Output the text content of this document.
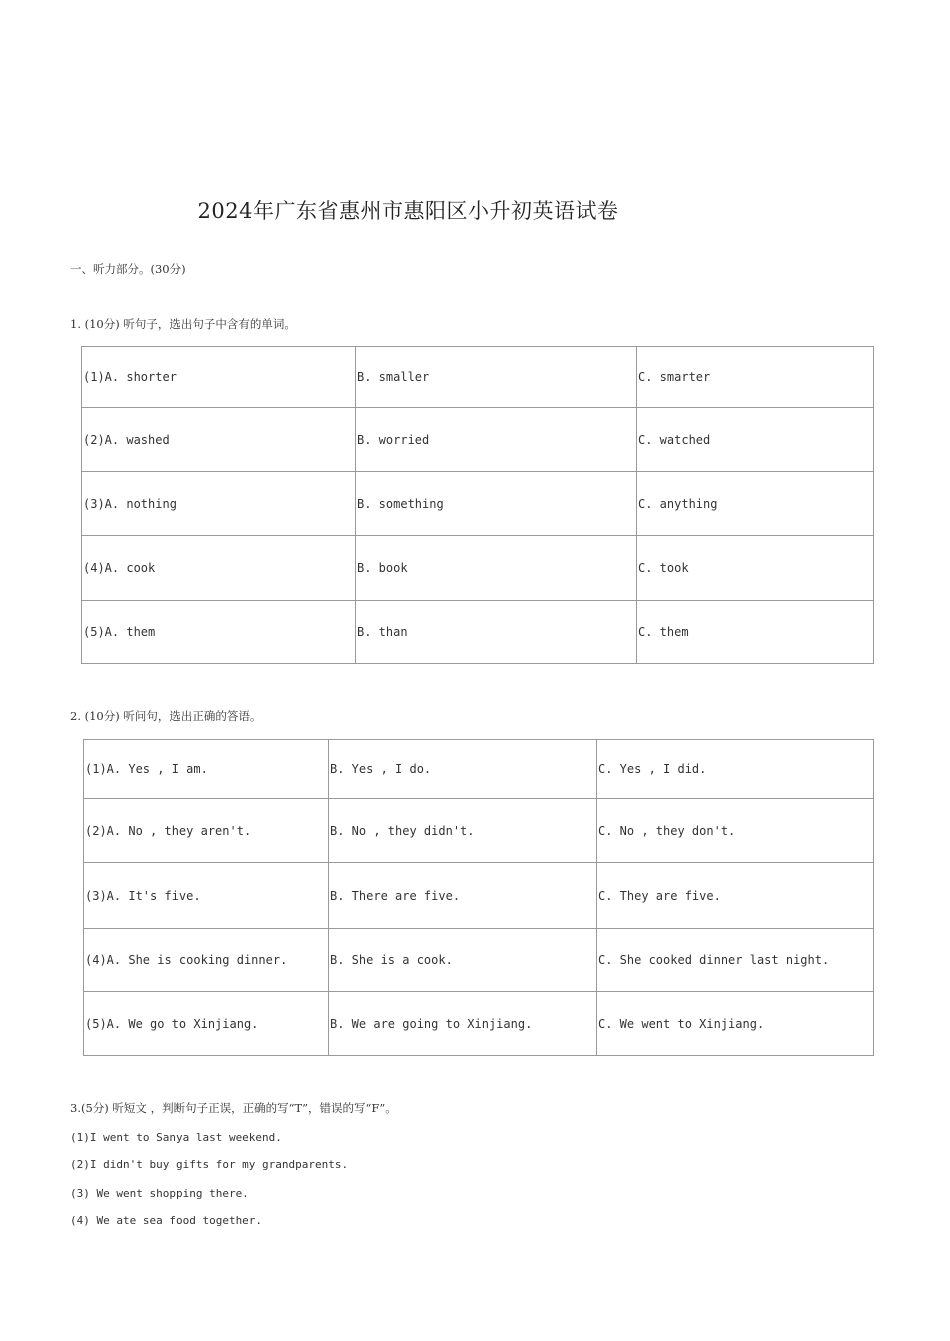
2024年广东省惠州市惠阳区小升初英语试卷
一、听力部分。(30分)
1. (10分) 听句子，选出句子中含有的单词。
(1)A. shorter	B. smaller	C. smarter
(2)A. washed	B. worried	C. watched
(3)A. nothing	B. something	C. anything
(4)A. cook	B. book	C. took
(5)A. them	B. than	C. them
2. (10分) 听问句，选出正确的答语。
(1)A. Yes , I am.	B. Yes , I do.	C. Yes , I did.
(2)A. No , they aren't.	B. No , they didn't.	C. No , they don't.
(3)A. It's five.	B. There are five.	C. They are five.
(4)A. She is cooking dinner.	B. She is a cook.	C. She cooked dinner last night.
(5)A. We go to Xinjiang.	B. We are going to Xinjiang.	C. We went to Xinjiang.
3.(5分) 听短文 ，判断句子正误，正确的写“T”，错误的写“F”。
(1)I went to Sanya last weekend.
(2)I didn't buy gifts for my grandparents.
(3) We went shopping there.
(4) We ate sea food together.
